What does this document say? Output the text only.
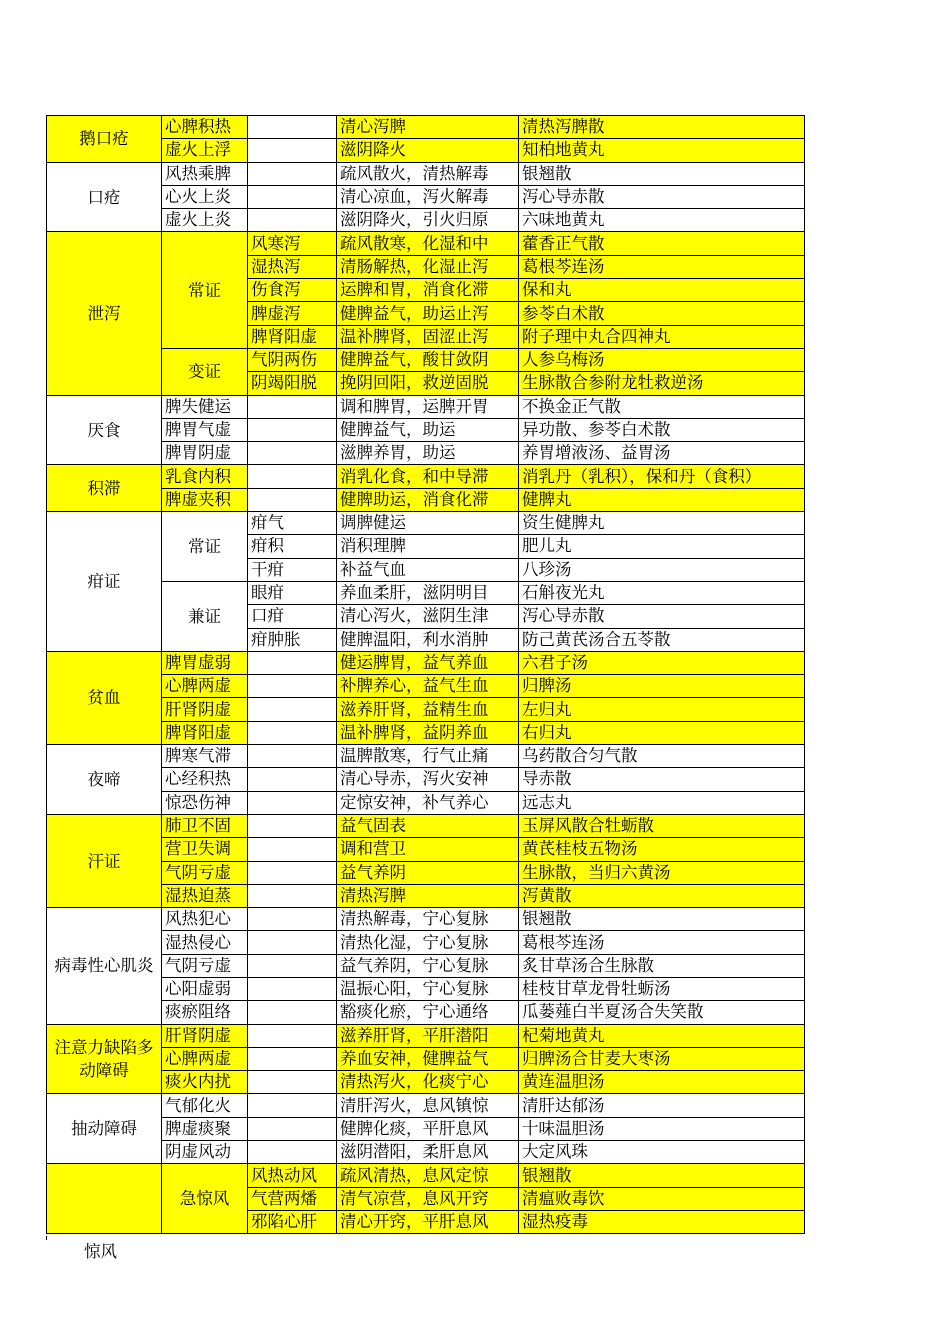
鹅口疮	心脾积热		清心泻脾	清热泻脾散
	虚火上浮		滋阴降火	知柏地黄丸
口疮	风热乘脾		疏风散火，清热解毒	银翘散
	心火上炎		清心凉血，泻火解毒	泻心导赤散
	虚火上炎		滋阴降火，引火归原	六味地黄丸
泄泻	常证	风寒泻	疏风散寒，化湿和中	藿香正气散
		湿热泻	清肠解热，化湿止泻	葛根芩连汤
		伤食泻	运脾和胃，消食化滞	保和丸
		脾虚泻	健脾益气，助运止泻	参苓白术散
		脾肾阳虚	温补脾肾，固涩止泻	附子理中丸合四神丸
	变证	气阴两伤	健脾益气，酸甘敛阴	人参乌梅汤
		阴竭阳脱	挽阴回阳，救逆固脱	生脉散合参附龙牡救逆汤
厌食	脾失健运		调和脾胃，运脾开胃	不换金正气散
	脾胃气虚		健脾益气，助运	异功散、参苓白术散
	脾胃阴虚		滋脾养胃，助运	养胃增液汤、益胃汤
积滞	乳食内积		消乳化食，和中导滞	消乳丹（乳积），保和丹（食积）
	脾虚夹积		健脾助运，消食化滞	健脾丸
疳证	常证	疳气	调脾健运	资生健脾丸
		疳积	消积理脾	肥儿丸
		干疳	补益气血	八珍汤
	兼证	眼疳	养血柔肝，滋阴明目	石斛夜光丸
		口疳	清心泻火，滋阴生津	泻心导赤散
		疳肿胀	健脾温阳，利水消肿	防己黄芪汤合五苓散
贫血	脾胃虚弱		健运脾胃，益气养血	六君子汤
	心脾两虚		补脾养心，益气生血	归脾汤
	肝肾阴虚		滋养肝肾，益精生血	左归丸
	脾肾阳虚		温补脾肾，益阴养血	右归丸
夜啼	脾寒气滞		温脾散寒，行气止痛	乌药散合匀气散
	心经积热		清心导赤，泻火安神	导赤散
	惊恐伤神		定惊安神，补气养心	远志丸
汗证	肺卫不固		益气固表	玉屏风散合牡蛎散
	营卫失调		调和营卫	黄芪桂枝五物汤
	气阴亏虚		益气养阴	生脉散，当归六黄汤
	湿热迫蒸		清热泻脾	泻黄散
病毒性心肌炎	风热犯心		清热解毒，宁心复脉	银翘散
	湿热侵心		清热化湿，宁心复脉	葛根芩连汤
	气阴亏虚		益气养阴，宁心复脉	炙甘草汤合生脉散
	心阳虚弱		温振心阳，宁心复脉	桂枝甘草龙骨牡蛎汤
	痰瘀阻络		豁痰化瘀，宁心通络	瓜蒌薤白半夏汤合失笑散
注意力缺陷多动障碍	肝肾阴虚		滋养肝肾，平肝潜阳	杞菊地黄丸
	心脾两虚		养血安神，健脾益气	归脾汤合甘麦大枣汤
	痰火内扰		清热泻火，化痰宁心	黄连温胆汤
抽动障碍	气郁化火		清肝泻火，息风镇惊	清肝达郁汤
	脾虚痰聚		健脾化痰，平肝息风	十味温胆汤
	阴虚风动		滋阴潜阳，柔肝息风	大定风珠
	急惊风	风热动风	疏风清热，息风定惊	银翘散
		气营两燔	清气凉营，息风开窍	清瘟败毒饮
		邪陷心肝	清心开窍，平肝息风	湿热疫毒
惊风
